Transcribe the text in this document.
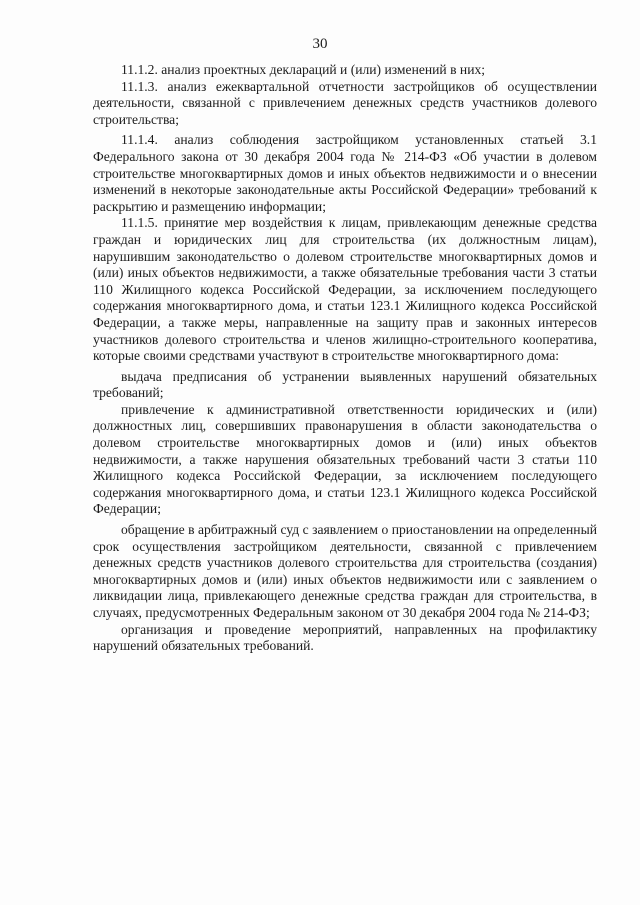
30

11.1.2. анализ проектных деклараций и (или) изменений в них;

11.1.3. анализ ежеквартальной отчетности застройщиков об осуществлении деятельности, связанной с привлечением денежных средств участников долевого строительства;

11.1.4. анализ соблюдения застройщиком установленных статьей 3.1 Федерального закона от 30 декабря 2004 года № 214-ФЗ «Об участии в долевом строительстве многоквартирных домов и иных объектов недвижимости и о внесении изменений в некоторые законодательные акты Российской Федерации» требований к раскрытию и размещению информации;

11.1.5. принятие мер воздействия к лицам, привлекающим денежные средства граждан и юридических лиц для строительства (их должностным лицам), нарушившим законодательство о долевом строительстве многоквартирных домов и (или) иных объектов недвижимости, а также обязательные требования части 3 статьи 110 Жилищного кодекса Российской Федерации, за исключением последующего содержания многоквартирного дома, и статьи 123.1 Жилищного кодекса Российской Федерации, а также меры, направленные на защиту прав и законных интересов участников долевого строительства и членов жилищно-строительного кооператива, которые своими средствами участвуют в строительстве многоквартирного дома:

выдача предписания об устранении выявленных нарушений обязательных требований;

привлечение к административной ответственности юридических и (или) должностных лиц, совершивших правонарушения в области законодательства о долевом строительстве многоквартирных домов и (или) иных объектов недвижимости, а также нарушения обязательных требований части 3 статьи 110 Жилищного кодекса Российской Федерации, за исключением последующего содержания многоквартирного дома, и статьи 123.1 Жилищного кодекса Российской Федерации;

обращение в арбитражный суд с заявлением о приостановлении на определенный срок осуществления застройщиком деятельности, связанной с привлечением денежных средств участников долевого строительства для строительства (создания) многоквартирных домов и (или) иных объектов недвижимости или с заявлением о ликвидации лица, привлекающего денежные средства граждан для строительства, в случаях, предусмотренных Федеральным законом от 30 декабря 2004 года № 214-ФЗ;

организация и проведение мероприятий, направленных на профилактику нарушений обязательных требований.
